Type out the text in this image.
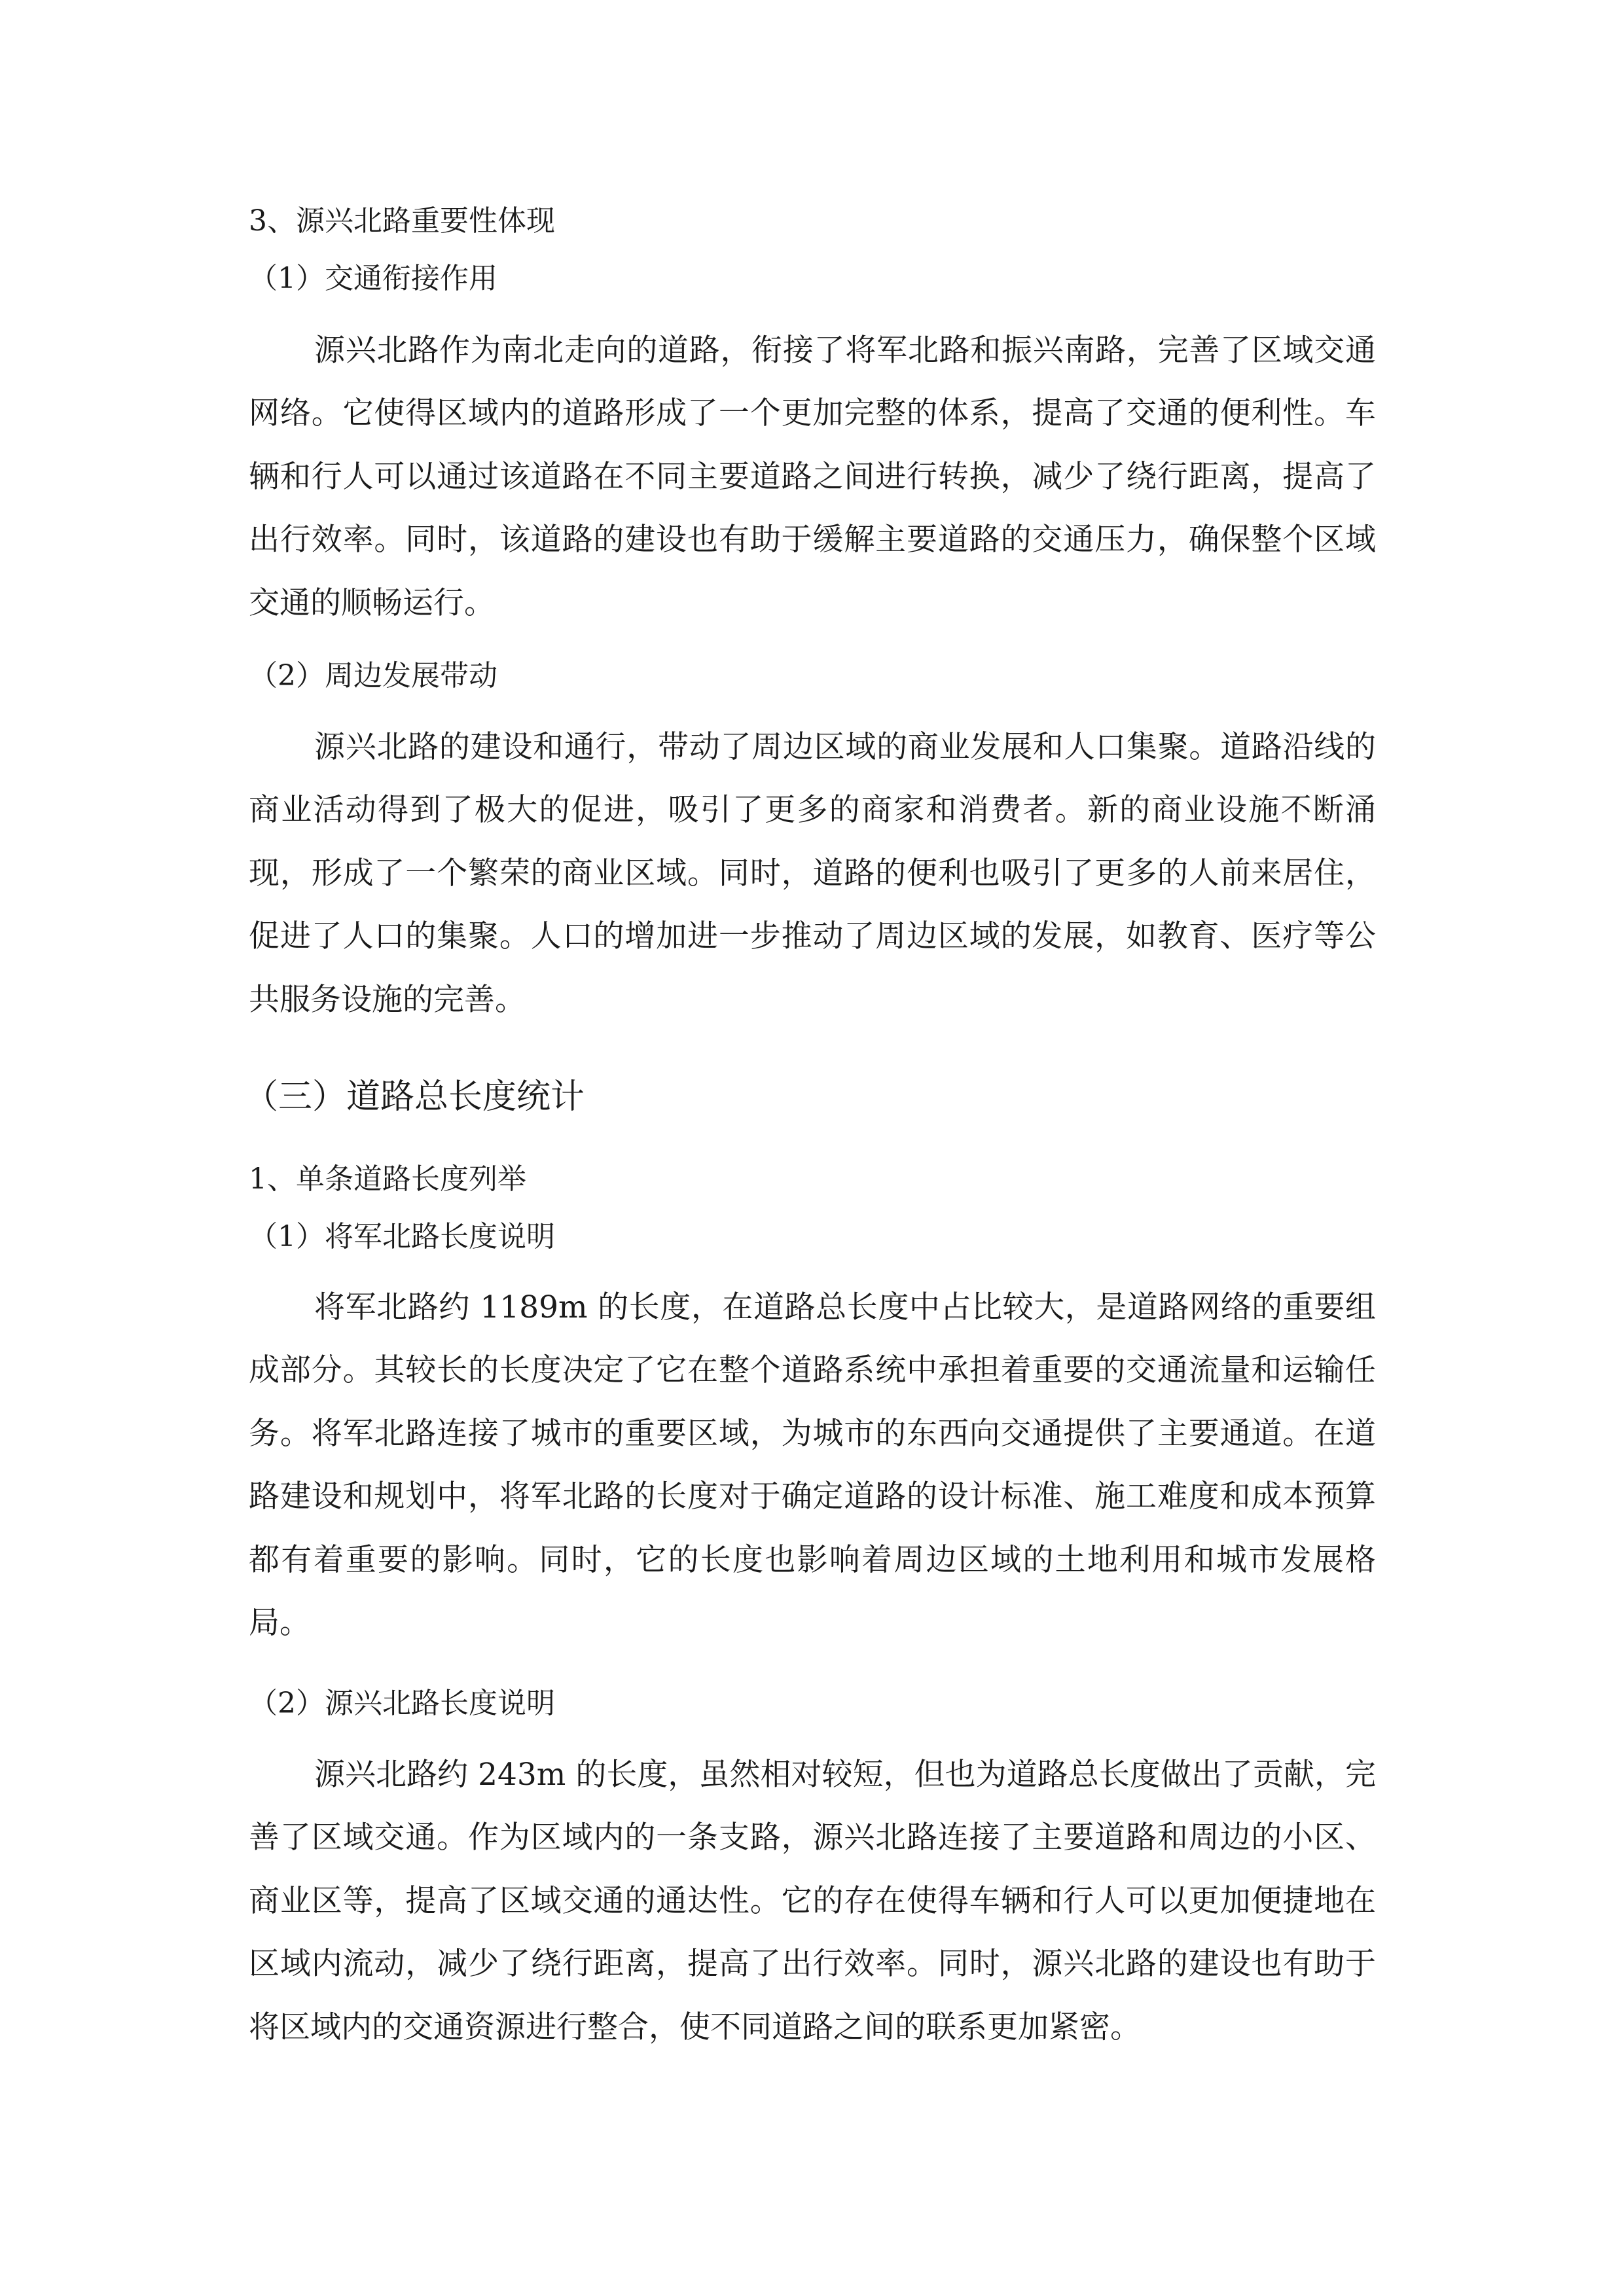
3、源兴北路重要性体现
（1）交通衔接作用

源兴北路作为南北走向的道路，衔接了将军北路和振兴南路，完善了区域交通网络。它使得区域内的道路形成了一个更加完整的体系，提高了交通的便利性。车辆和行人可以通过该道路在不同主要道路之间进行转换，减少了绕行距离，提高了出行效率。同时，该道路的建设也有助于缓解主要道路的交通压力，确保整个区域交通的顺畅运行。

（2）周边发展带动

源兴北路的建设和通行，带动了周边区域的商业发展和人口集聚。道路沿线的商业活动得到了极大的促进，吸引了更多的商家和消费者。新的商业设施不断涌现，形成了一个繁荣的商业区域。同时，道路的便利也吸引了更多的人前来居住，促进了人口的集聚。人口的增加进一步推动了周边区域的发展，如教育、医疗等公共服务设施的完善。

（三）道路总长度统计
1、单条道路长度列举
（1）将军北路长度说明

将军北路约 1189m 的长度，在道路总长度中占比较大，是道路网络的重要组成部分。其较长的长度决定了它在整个道路系统中承担着重要的交通流量和运输任务。将军北路连接了城市的重要区域，为城市的东西向交通提供了主要通道。在道路建设和规划中，将军北路的长度对于确定道路的设计标准、施工难度和成本预算都有着重要的影响。同时，它的长度也影响着周边区域的土地利用和城市发展格局。

（2）源兴北路长度说明

源兴北路约 243m 的长度，虽然相对较短，但也为道路总长度做出了贡献，完善了区域交通。作为区域内的一条支路，源兴北路连接了主要道路和周边的小区、商业区等，提高了区域交通的通达性。它的存在使得车辆和行人可以更加便捷地在区域内流动，减少了绕行距离，提高了出行效率。同时，源兴北路的建设也有助于将区域内的交通资源进行整合，使不同道路之间的联系更加紧密。
